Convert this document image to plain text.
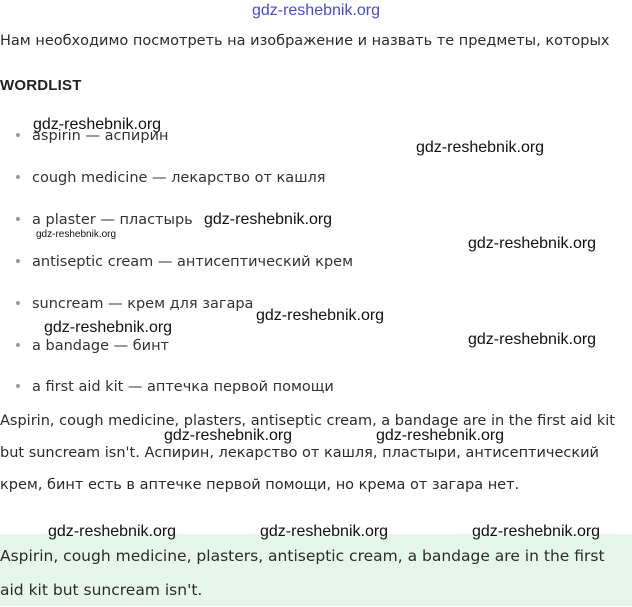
gdz-reshebnik.org
Нам необходимо посмотреть на изображение и назвать те предметы, которых
WORDLIST
aspirin — аспирин
cough medicine — лекарство от кашля
a plaster — пластырь
antiseptic cream — антисептический крем
suncream — крем для загара
a bandage — бинт
a first aid kit — аптечка первой помощи
Aspirin, cough medicine, plasters, antiseptic cream, a bandage are in the first aid kit but suncream isn't. Аспирин, лекарство от кашля, пластыри, антисептический крем, бинт есть в аптечке первой помощи, но крема от загара нет.
Aspirin, cough medicine, plasters, antiseptic cream, a bandage are in the first aid kit but suncream isn't.
gdz-reshebnik.org
gdz-reshebnik.org
gdz-reshebnik.org
gdz-reshebnik.org
gdz-reshebnik.org
gdz-reshebnik.org
gdz-reshebnik.org
gdz-reshebnik.org
gdz-reshebnik.org	gdz-reshebnik.org
gdz-reshebnik.org	gdz-reshebnik.org	gdz-reshebnik.org
